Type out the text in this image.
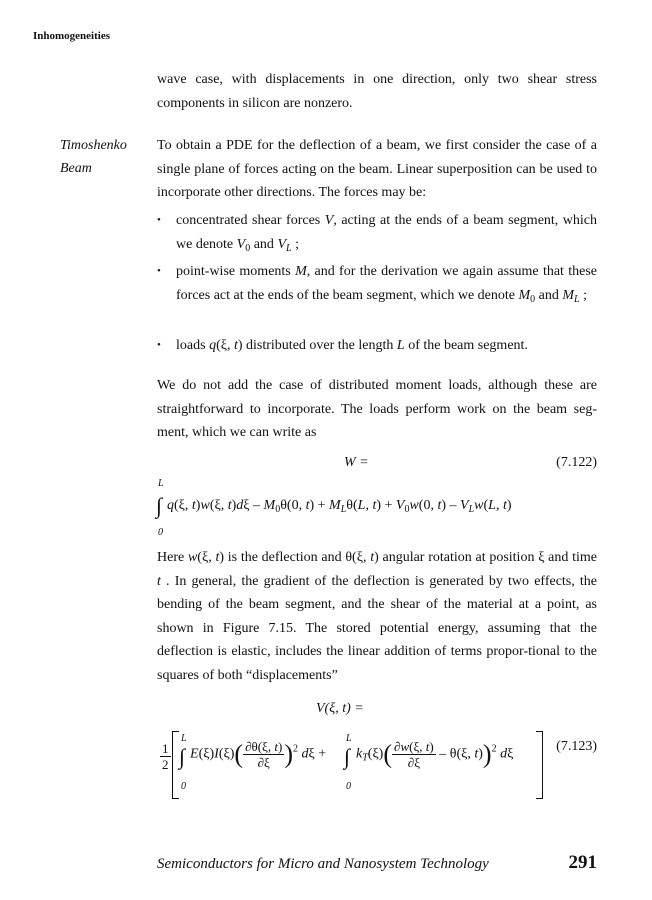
Inhomogeneities
wave case, with displacements in one direction, only two shear stress components in silicon are nonzero.
Timoshenko
Beam
To obtain a PDE for the deflection of a beam, we first consider the case of a single plane of forces acting on the beam. Linear superposition can be used to incorporate other directions. The forces may be:
• concentrated shear forces V, acting at the ends of a beam segment, which we denote $V_0$ and $V_L$ ;
• point-wise moments M, and for the derivation we again assume that these forces act at the ends of the beam segment, which we denote $M_0$ and $M_L$ ;
• loads q(ξ, t) distributed over the length L of the beam segment.
We do not add the case of distributed moment loads, although these are straightforward to incorporate. The loads perform work on the beam seg-ment, which we can write as
W =	(7.122)
L
∫
0
q(ξ, t)w(ξ, $t)d\xi - M_0\theta(0$, $t) + M_L\theta(L$, $t) + V_0w(0$, $t) - V_Lw(L$, t)
Here w(ξ, t) is the deflection and θ(ξ, t) angular rotation at position ξ and time t . In general, the gradient of the deflection is generated by two effects, the bending of the beam segment, and the shear of the material at a point, as shown in Figure 7.15. The stored potential energy, assuming that the deflection is elastic, includes the linear addition of terms propor-tional to the squares of both “displacements”
V(ξ, t) =
(7.123)
$\frac{1}{2}$
L
∫
0
$E(\xi)I(\xi)( \frac{\partial\theta(\xi, t)}{\partial\xi} )^2$ dξ +
L
∫
0
$k_T(\xi)( \frac{\partial w(\xi, t)}{\partial\xi} - \theta(\xi$, t))$^2$ dξ
Semiconductors for Micro and Nanosystem Technology	291
